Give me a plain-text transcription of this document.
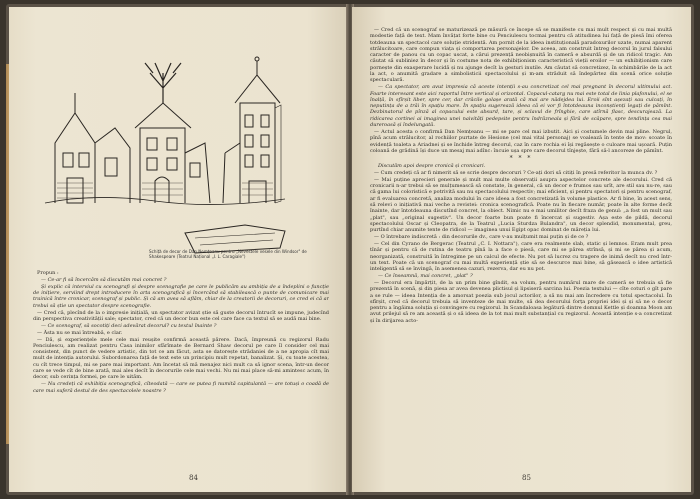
Schiță de decor de Dan Nemțeanu pentru „Nevestele vesele din Windsor" de Shakespeare (Teatrul Național „I. L. Caragiale")

Propun :

— Ce-ar fi să încercăm să discutăm mai concret ?

Și explic că interviul cu scenografi și despre scenografie pe care le publicăm au ambiția de a îndeplini o funcție de inițiere, serviind drept introducere în arta scenografică și încercând să stabilească o punte de comunicare mai trainică între cronicar, scenograf și public. Și că am avea să aflăm, chiar de la creatorii de decoruri, ce cred ei că ar trebui să știe un spectator despre scenografie.

— Cred că, plecînd de la o impresie inițială, un spectator avizat știe să guste decorul întrucît se impune, judecînd din perspectiva creativității sale; spectator, cred că un decor bun este cel care face ca textul să se audă mai bine.

— Ce scenograf, să socotiți deci adevărat decorul? cu textul înainte ?

— Ăsta nu se mai întreabă, e clar.

— Dă, și experiențele mele cele mai reușite confirmă această părere. Dacă, împreună cu regizorul Radu Penciulescu, am realizat pentru Casa inimilor sfărîmate de Bernard Shaw decorul pe care îl consider cel mai consistent, din punct de vedere artistic, din tot ce am făcut, asta se datorește strădaniei de a ne apropia cît mai mult de intenția autorului. Subordonarea față de text este un principiu mult repetat, banalizat. Și, cu toate acestea, cu cît trece timpul, mi se pare mai important. Am încetat să mă menajez nici mult ca să ignor scena, într-un decor care se vede cît de bine arată, mai ales decît în decorurile cele mai vechi. Nu mi mai place să-mi amintesc acum, în decor, sub cerința formei, pe care le uităm.

— Nu credeți că exhibiția scenografică, cîteodată — care se putea fi numită capitulantă — are totuși o coadă de care mai suferă destul de des spectacolele noastre ?

84

— Cred că un scenograf se maturizează pe măsură ce începe să se manifeste cu mai mult respect și cu mai multă modestie față de text. Mam învățat forte bine cu Penciulescu tocmai pentru că atitudinea lui față de piesă îmi oferea totdeauna un spectacol care soluție stridentă. Am pornit de la ideea instituțională paradoxurilor uzate, numai aparent strălucitoare, care compun viața și comportarea personajelor. De aceea, am construit întreg decorul în jurul falsului caracter de panou cu un copac uscat, a cărui prezență neobișnuită în cameră e absurdă și de un ridicol tragic. Am căutat să subliniez în decor și în costume nota de exhibiționism caracteristică vieții eroilor — un exhibiționism care pornește din exasperare lucidă și nu ajunge decît la gesturi inutile. Am căutat să concretizez, în schimbările de la act la act, o anumită gradare a simbolisticii spectacolului și m-am străduit să îndepărtez din scenă orice soluție spectaculară.

— Ca spectator, am avut impresia că aceste intenții s-au concretizat cel mai pregnant în decorul ultimului act. Foarte interesant este aici raportul între vertical și orizontal. Copacul-catarg nu mai este total de linia plafonului, el se înalță, în sfîrșit liber, spre cer, dar crăcile golașe arată că mai are nădejdea lui. Eroii sînt așezați sau culcați, în neputința de a trăi în spațiu mare. În spațiu sugerează ideea că ei vor fi întotdeauna inconștienți legați de pămînt. Dezbinatorul de pînză al copacului este absurd, tare, și sclavul de frînghie, care atîrnă flasc, descurajează. La ridicarea cortinei ai imaginea unei naivități pedepsite pentru îndrăzneala și fără de scăpare, spre tendința cea mai dureroasă și îndelungată.

— Actul acesta o confirmă Dan Nemțeanu — mi se pare cel mai izbutit. Aici și costumele devin mai pline. Negrul, pînă acum strălucitor, al rochiilor purtate de Hesione (cel mai vital personaj) se voalează în tente de mov: scoate în evidență toaleta a Ariadnei și se închide întreg decorul, caz în care rochia ei își regăsește o culoare mai ușoară. Puțin coloană de grădină își duce un mesaj mai adînc: încuie ușa spre care decorul tînjește, fără să-l ancoreze de pămînt.

* * *

Discutăm apoi despre cronică și cronicari.

— Cum credeți că ar fi nimerit să se scrie despre decoruri ? Ce-ați dori să citiți în presă referitor la munca dv. ?

— Mai puține aprecieri generale și mult mai multe observații asupra aspectelor concrete ale decorului. Cred că cronicarii n-ar trebui să se mulțumească să constate, în general, că un decor e frumos sau urît, are stil sau nu-re, sau că gama lui coloristică e potrivită sau nu spectacolului respectiv; mai eficient, și pentru spectatori și pentru scenograf, ar fi evaluarea concretă, analiza modului în care ideea a fost concretizată în volume plastice. Ar fi bine, în acest sens, să relevi o inițiativă mai veche a revistei: cronica scenografică. Poate nu în fiecare număr, poate în alte forme decît înainte, dar întotdeauna discutînd concret, la obiect. Nimic nu e mai umilitor decît fraza de genul: „a fost un mult sau „plat", sau „original sugestiv". Un decor foarte bun poate fi încercat și sugestiv. Așa este de pildă, decorul spectacolului Oscar și Cleopatra, de la Teatrul „Lucia Sturdza Bulandra", un decor splendid, monumental, greu, purtînd chiar anumite tente de ridicol — imaginea unui Egipt opac dominat de măreția lui.

— O întrebare indiscretă : din decorurile dv., care v-au mulțumit mai puțin și de ce ?

— Cel din Cyrano de Bergerac (Teatrul „C. I. Nottara"), care era realmente slab, static și lemnos. Eram mult prea tînăr și pentru că de rutina de teatru pînă la a face o piesă, care mi se părea strînsă, și mi se părea și acum, neorganizată, construită în întregime pe un calcul de efecte. Nu pot să lucrez cu tragere de inimă decît nu cred într-un text. Poate că un scenograf cu mai multă experiență știe să se descurce mai bine, să găsească o idee artistică inteligentă să se învingă, în asemenea cazuri, rezerva, dar eu nu pot.

— Ce înseamnă, mai concret, „plat" ?

— Decorul era împărțit, de la un prim bine gîndit, ea volum, pentru numărul mare de cameră se trebuia să fie prezentă în scenă, și din piesa ar avea devenea plictisul și lipsiseră sarcina lui. Poezia textului — cîte coturi o gît pare a se rule — ideea Intenția de a amorsat poezia sub jocul actorilor, a să nu mai am încredere cu totul spectacolul. În sfîrșit, cred că decorul trebuia să inventeze de mai multe, să dea decorului forța propriei idei și și să ne o decor pentru a îngăima soluția și convingere cu regizorul. In Scandaloasa legătură dintre domnul Kettle și doamna Moon am avut prilejul să re am această și o să ideea de la tot mai mult substanțial cu regizorul. Această intenție s-a concretizat și în dirijarea acto-

85
